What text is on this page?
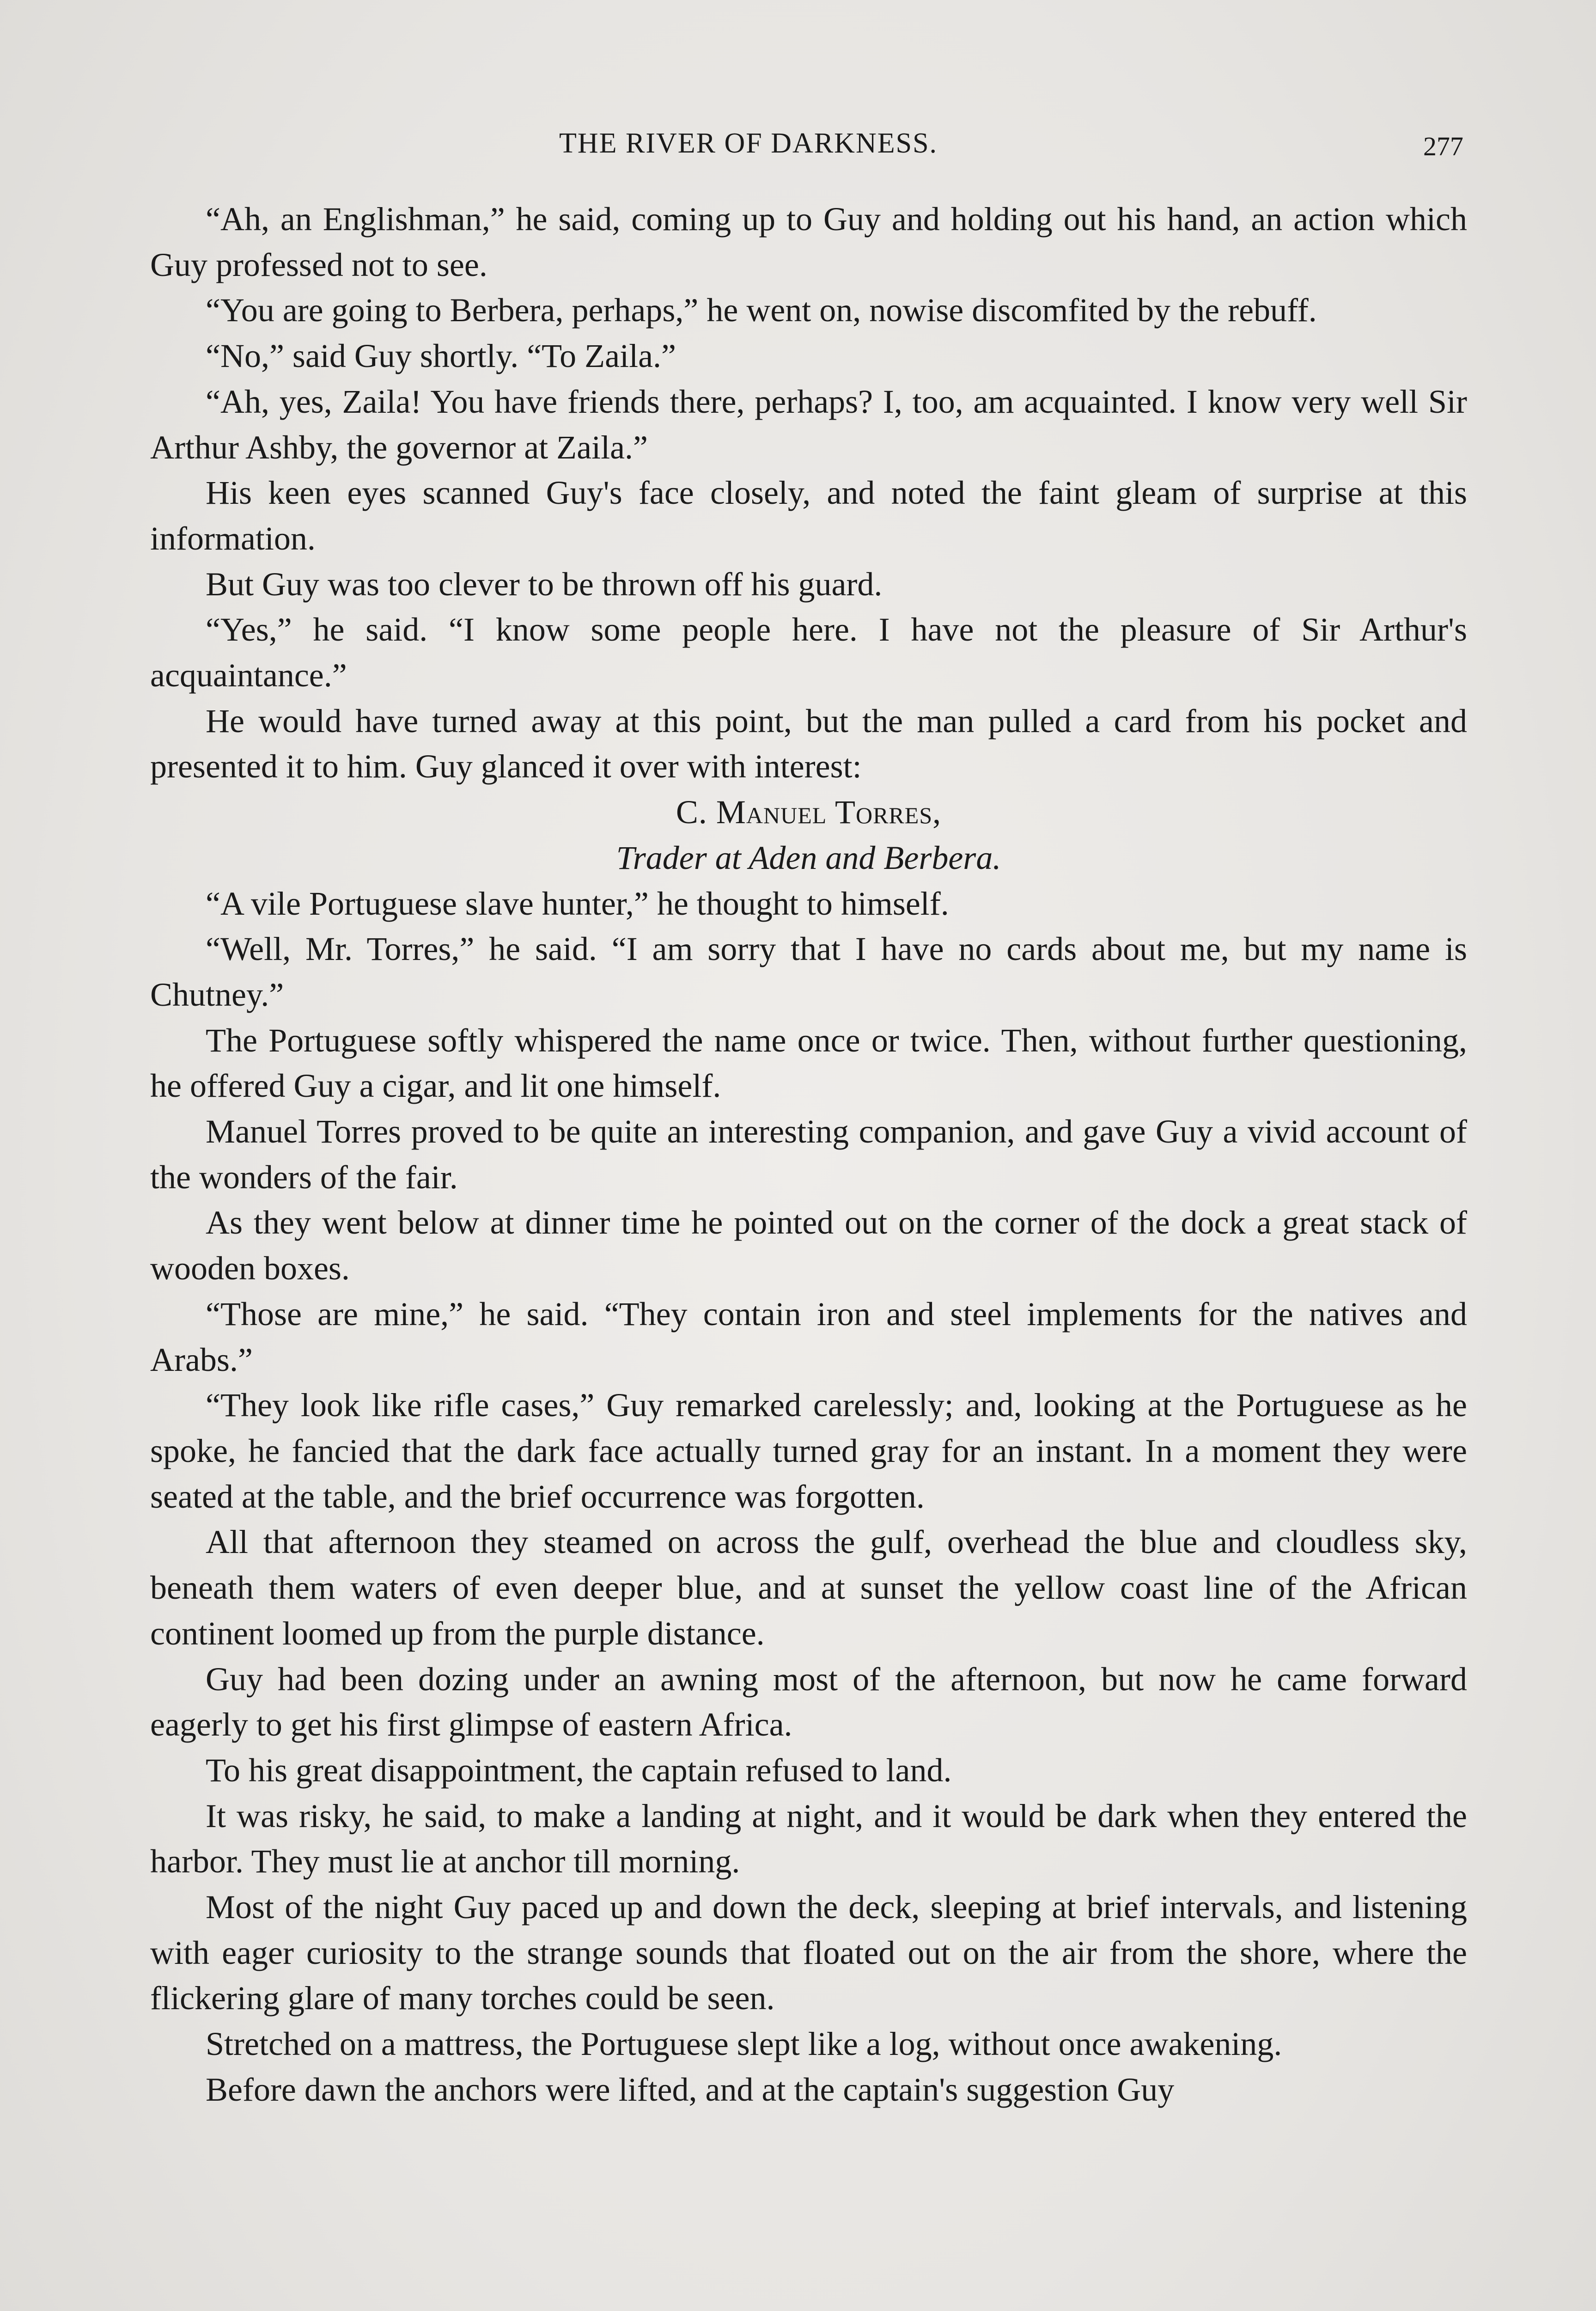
THE RIVER OF DARKNESS.	277

“Ah, an Englishman,” he said, coming up to Guy and holding out his hand, an action which Guy professed not to see.

“You are going to Berbera, perhaps,” he went on, nowise discomfited by the rebuff.

“No,” said Guy shortly. “To Zaila.”

“Ah, yes, Zaila! You have friends there, perhaps? I, too, am acquainted. I know very well Sir Arthur Ashby, the governor at Zaila.”

His keen eyes scanned Guy's face closely, and noted the faint gleam of surprise at this information.

But Guy was too clever to be thrown off his guard.

“Yes,” he said. “I know some people here. I have not the pleasure of Sir Arthur's acquaintance.”

He would have turned away at this point, but the man pulled a card from his pocket and presented it to him. Guy glanced it over with interest:

C. Manuel Torres,

Trader at Aden and Berbera.

“A vile Portuguese slave hunter,” he thought to himself.

“Well, Mr. Torres,” he said. “I am sorry that I have no cards about me, but my name is Chutney.”

The Portuguese softly whispered the name once or twice. Then, without further questioning, he offered Guy a cigar, and lit one himself.

Manuel Torres proved to be quite an interesting companion, and gave Guy a vivid account of the wonders of the fair.

As they went below at dinner time he pointed out on the corner of the dock a great stack of wooden boxes.

“Those are mine,” he said. “They contain iron and steel implements for the natives and Arabs.”

“They look like rifle cases,” Guy remarked carelessly; and, looking at the Portuguese as he spoke, he fancied that the dark face actually turned gray for an instant. In a moment they were seated at the table, and the brief occurrence was forgotten.

All that afternoon they steamed on across the gulf, overhead the blue and cloudless sky, beneath them waters of even deeper blue, and at sunset the yellow coast line of the African continent loomed up from the purple distance.

Guy had been dozing under an awning most of the afternoon, but now he came forward eagerly to get his first glimpse of eastern Africa.

To his great disappointment, the captain refused to land.

It was risky, he said, to make a landing at night, and it would be dark when they entered the harbor. They must lie at anchor till morning.

Most of the night Guy paced up and down the deck, sleeping at brief intervals, and listening with eager curiosity to the strange sounds that floated out on the air from the shore, where the flickering glare of many torches could be seen.

Stretched on a mattress, the Portuguese slept like a log, without once awakening.

Before dawn the anchors were lifted, and at the captain's suggestion Guy
